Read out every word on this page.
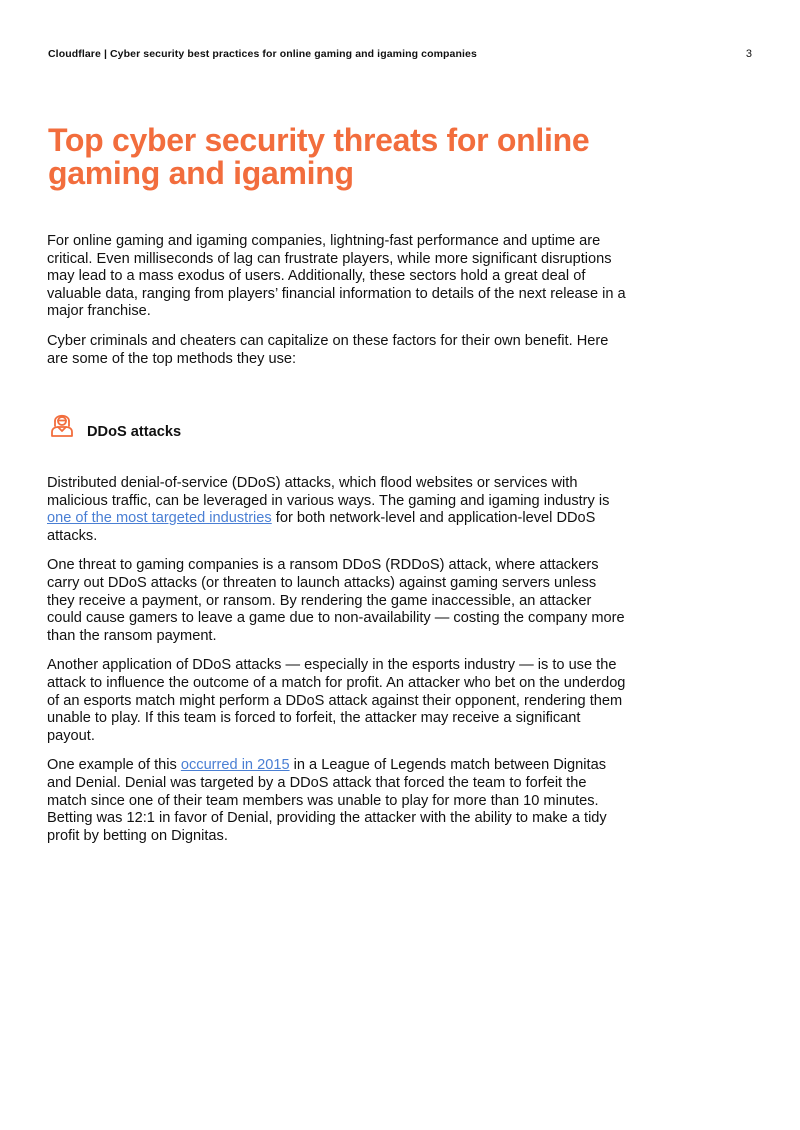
Cloudflare | Cyber security best practices for online gaming and igaming companies	3
Top cyber security threats for online gaming and igaming

For online gaming and igaming companies, lightning-fast performance and uptime are critical. Even milliseconds of lag can frustrate players, while more significant disruptions may lead to a mass exodus of users. Additionally, these sectors hold a great deal of valuable data, ranging from players’ financial information to details of the next release in a major franchise.

Cyber criminals and cheaters can capitalize on these factors for their own benefit. Here are some of the top methods they use:

DDoS attacks

Distributed denial-of-service (DDoS) attacks, which flood websites or services with malicious traffic, can be leveraged in various ways. The gaming and igaming industry is one of the most targeted industries for both network-level and application-level DDoS attacks.

One threat to gaming companies is a ransom DDoS (RDDoS) attack, where attackers carry out DDoS attacks (or threaten to launch attacks) against gaming servers unless they receive a payment, or ransom. By rendering the game inaccessible, an attacker could cause gamers to leave a game due to non-availability — costing the company more than the ransom payment.

Another application of DDoS attacks — especially in the esports industry — is to use the attack to influence the outcome of a match for profit. An attacker who bet on the underdog of an esports match might perform a DDoS attack against their opponent, rendering them unable to play. If this team is forced to forfeit, the attacker may receive a significant payout.

One example of this occurred in 2015 in a League of Legends match between Dignitas and Denial. Denial was targeted by a DDoS attack that forced the team to forfeit the match since one of their team members was unable to play for more than 10 minutes. Betting was 12:1 in favor of Denial, providing the attacker with the ability to make a tidy profit by betting on Dignitas.
